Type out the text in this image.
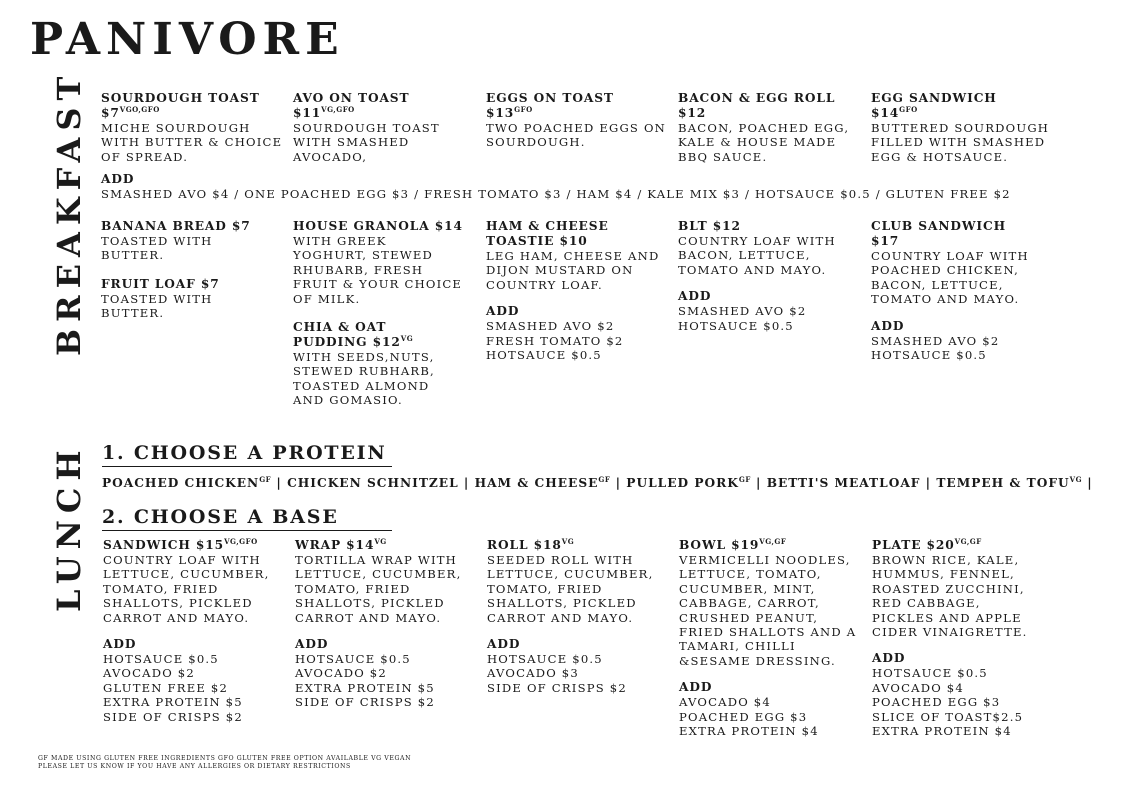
PANIVORE
BREAKFAST
LUNCH
SOURDOUGH TOAST
$\$7^{VGO,GFO}$
MICHE SOURDOUGH WITH BUTTER & CHOICE OF SPREAD.
AVO ON TOAST
$\$11^{VG,GFO}$
SOURDOUGH TOAST WITH SMASHED AVOCADO,
EGGS ON TOAST
$\$13^{GFO}$
TWO POACHED EGGS ON SOURDOUGH.
BACON & EGG ROLL
$12
BACON, POACHED EGG, KALE & HOUSE MADE BBQ SAUCE.
EGG SANDWICH
$\$14^{GFO}$
BUTTERED SOURDOUGH FILLED WITH SMASHED EGG & HOTSAUCE.
ADD
SMASHED AVO $4 / ONE POACHED EGG $3 / FRESH TOMATO $3 / HAM $4 / KALE MIX $3 / HOTSAUCE $0.5 / GLUTEN FREE $2
BANANA BREAD $7
TOASTED WITH BUTTER.
FRUIT LOAF $7
TOASTED WITH BUTTER.
HOUSE GRANOLA $14
WITH GREEK YOGHURT, STEWED RHUBARB, FRESH FRUIT & YOUR CHOICE OF MILK.
CHIA & OAT PUDDING $\$12^{VG}$
WITH SEEDS,NUTS, STEWED RUBHARB, TOASTED ALMOND AND GOMASIO.
HAM & CHEESE TOASTIE $10
LEG HAM, CHEESE AND DIJON MUSTARD ON COUNTRY LOAF.
ADD
SMASHED AVO $2
FRESH TOMATO $2
HOTSAUCE $0.5
BLT $12
COUNTRY LOAF WITH BACON, LETTUCE, TOMATO AND MAYO.
ADD
SMASHED AVO $2
HOTSAUCE $0.5
CLUB SANDWICH $17
COUNTRY LOAF WITH POACHED CHICKEN, BACON, LETTUCE, TOMATO AND MAYO.
ADD
SMASHED AVO $2
HOTSAUCE $0.5
1. CHOOSE A PROTEIN
POACHED $CHICKEN^{GF}$ | CHICKEN SCHNITZEL | HAM & $CHEESE^{GF}$ | PULLED $PORK^{GF}$ | BETTI'S MEATLOAF | TEMPEH & $TOFU^{VG}$ |
2. CHOOSE A BASE
SANDWICH $\$15^{VG,GFO}$
COUNTRY LOAF WITH LETTUCE, CUCUMBER, TOMATO, FRIED SHALLOTS, PICKLED CARROT AND MAYO.
ADD
HOTSAUCE $0.5
AVOCADO $2
GLUTEN FREE $2
EXTRA PROTEIN $5
SIDE OF CRISPS $2
WRAP $\$14^{VG}$
TORTILLA WRAP WITH LETTUCE, CUCUMBER, TOMATO, FRIED SHALLOTS, PICKLED CARROT AND MAYO.
ADD
HOTSAUCE $0.5
AVOCADO $2
EXTRA PROTEIN $5
SIDE OF CRISPS $2
ROLL $\$18^{VG}$
SEEDED ROLL WITH LETTUCE, CUCUMBER, TOMATO, FRIED SHALLOTS, PICKLED CARROT AND MAYO.
ADD
HOTSAUCE $0.5
AVOCADO $3
SIDE OF CRISPS $2
BOWL $\$19^{VG,GF}$
VERMICELLI NOODLES, LETTUCE, TOMATO, CUCUMBER, MINT, CABBAGE, CARROT, CRUSHED PEANUT, FRIED SHALLOTS AND A TAMARI, CHILLI &SESAME DRESSING.
ADD
AVOCADO $4
POACHED EGG $3
EXTRA PROTEIN $4
PLATE $\$20^{VG,GF}$
BROWN RICE, KALE, HUMMUS, FENNEL, ROASTED ZUCCHINI, RED CABBAGE, PICKLES AND APPLE CIDER VINAIGRETTE.
ADD
HOTSAUCE $0.5
AVOCADO $4
POACHED EGG $3
SLICE OF TOAST$2.5
EXTRA PROTEIN $4
GF MADE USING GLUTEN FREE INGREDIENTS GFO GLUTEN FREE OPTION AVAILABLE VG VEGAN
PLEASE LET US KNOW IF YOU HAVE ANY ALLERGIES OR DIETARY RESTRICTIONS
